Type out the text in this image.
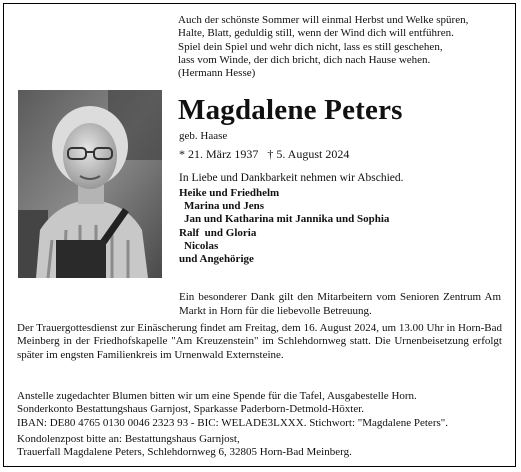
Auch der schönste Sommer will einmal Herbst und Welke spüren,
Halte, Blatt, geduldig still, wenn der Wind dich will entführen.
Spiel dein Spiel und wehr dich nicht, lass es still geschehen,
lass vom Winde, der dich bricht, dich nach Hause wehen.
(Hermann Hesse)
Magdalene Peters
geb. Haase
* 21. März 1937   † 5. August 2024
In Liebe und Dankbarkeit nehmen wir Abschied.
Heike und Friedhelm
Marina und Jens
Jan und Katharina mit Jannika und Sophia
Ralf  und Gloria
Nicolas
und Angehörige
Ein besonderer Dank gilt den Mitarbeitern vom Senioren Zentrum Am Markt in Horn für die liebevolle Betreuung.
Der Trauergottesdienst zur Einäscherung findet am Freitag, dem 16. August 2024, um 13.00 Uhr in Horn-Bad Meinberg in der Friedhofskapelle "Am Kreuzenstein" im Schlehdornweg statt. Die Urnenbeisetzung erfolgt später im engsten Familienkreis im Urnenwald Externsteine.
Anstelle zugedachter Blumen bitten wir um eine Spende für die Tafel, Ausgabestelle Horn.
Sonderkonto Bestattungshaus Garnjost, Sparkasse Paderborn-Detmold-Höxter.
IBAN: DE80 4765 0130 0046 2323 93 - BIC: WELADE3LXXX. Stichwort: "Magdalene Peters".
Kondolenzpost bitte an: Bestattungshaus Garnjost,
Trauerfall Magdalene Peters, Schlehdornweg 6, 32805 Horn-Bad Meinberg.
